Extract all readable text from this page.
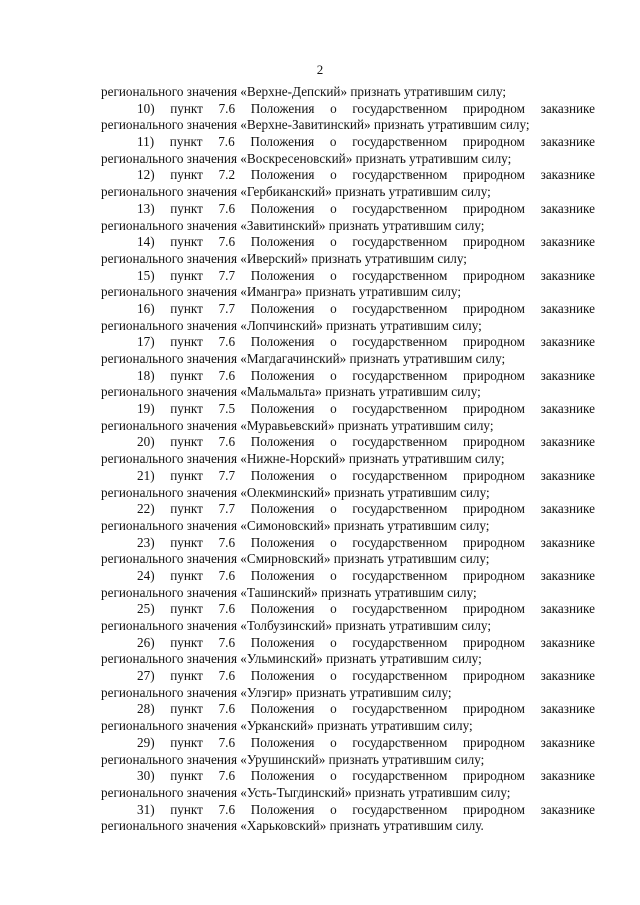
2
регионального значения «Верхне-Депский» признать утратившим силу;
10) пункт 7.6 Положения о государственном природном заказнике
регионального значения «Верхне-Завитинский» признать утратившим силу;
11) пункт 7.6 Положения о государственном природном заказнике
регионального значения «Воскресеновский» признать утратившим силу;
12) пункт 7.2 Положения о государственном природном заказнике
регионального значения «Гербиканский» признать утратившим силу;
13) пункт 7.6 Положения о государственном природном заказнике
регионального значения «Завитинский» признать утратившим силу;
14) пункт 7.6 Положения о государственном природном заказнике
регионального значения «Иверский» признать утратившим силу;
15) пункт 7.7 Положения о государственном природном заказнике
регионального значения «Имангра» признать утратившим силу;
16) пункт 7.7 Положения о государственном природном заказнике
регионального значения «Лопчинский» признать утратившим силу;
17) пункт 7.6 Положения о государственном природном заказнике
регионального значения «Магдагачинский» признать утратившим силу;
18) пункт 7.6 Положения о государственном природном заказнике
регионального значения «Мальмальта» признать утратившим силу;
19) пункт 7.5 Положения о государственном природном заказнике
регионального значения «Муравьевский» признать утратившим силу;
20) пункт 7.6 Положения о государственном природном заказнике
регионального значения «Нижне-Норский» признать утратившим силу;
21) пункт 7.7 Положения о государственном природном заказнике
регионального значения «Олекминский» признать утратившим силу;
22) пункт 7.7 Положения о государственном природном заказнике
регионального значения «Симоновский» признать утратившим силу;
23) пункт 7.6 Положения о государственном природном заказнике
регионального значения «Смирновский» признать утратившим силу;
24) пункт 7.6 Положения о государственном природном заказнике
регионального значения «Ташинский» признать утратившим силу;
25) пункт 7.6 Положения о государственном природном заказнике
регионального значения «Толбузинский» признать утратившим силу;
26) пункт 7.6 Положения о государственном природном заказнике
регионального значения «Ульминский» признать утратившим силу;
27) пункт 7.6 Положения о государственном природном заказнике
регионального значения «Улэгир» признать утратившим силу;
28) пункт 7.6 Положения о государственном природном заказнике
регионального значения «Урканский» признать утратившим силу;
29) пункт 7.6 Положения о государственном природном заказнике
регионального значения «Урушинский» признать утратившим силу;
30) пункт 7.6 Положения о государственном природном заказнике
регионального значения «Усть-Тыгдинский» признать утратившим силу;
31) пункт 7.6 Положения о государственном природном заказнике
регионального значения «Харьковский» признать утратившим силу.
